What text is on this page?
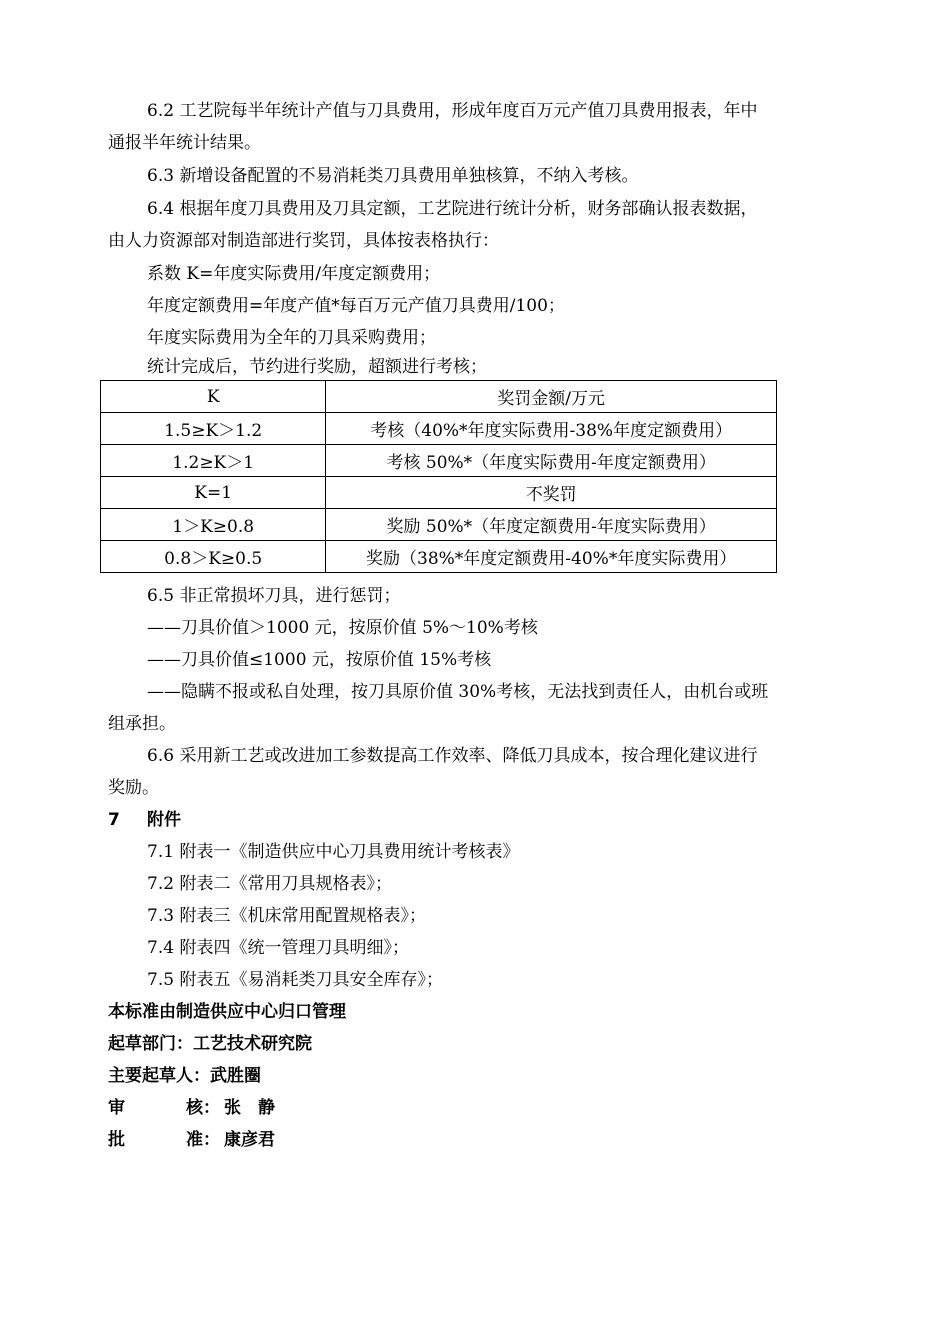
6.2 工艺院每半年统计产值与刀具费用，形成年度百万元产值刀具费用报表，年中
通报半年统计结果。
6.3 新增设备配置的不易消耗类刀具费用单独核算，不纳入考核。
6.4 根据年度刀具费用及刀具定额，工艺院进行统计分析，财务部确认报表数据，
由人力资源部对制造部进行奖罚，具体按表格执行：
系数 K=年度实际费用/年度定额费用；
年度定额费用=年度产值*每百万元产值刀具费用/100；
年度实际费用为全年的刀具采购费用；
统计完成后，节约进行奖励，超额进行考核；
K	奖罚金额/万元
1.5≥K＞1.2	考核（40%*年度实际费用-38%年度定额费用）
1.2≥K＞1	考核 50%*（年度实际费用-年度定额费用）
K=1	不奖罚
1＞K≥0.8	奖励 50%*（年度定额费用-年度实际费用）
0.8＞K≥0.5	奖励（38%*年度定额费用-40%*年度实际费用）
6.5 非正常损坏刀具，进行惩罚；
——刀具价值＞1000 元，按原价值 5%～10%考核
——刀具价值≤1000 元，按原价值 15%考核
——隐瞒不报或私自处理，按刀具原价值 30%考核，无法找到责任人，由机台或班
组承担。
6.6 采用新工艺或改进加工参数提高工作效率、降低刀具成本，按合理化建议进行
奖励。
7 附件
7.1 附表一《制造供应中心刀具费用统计考核表》
7.2 附表二《常用刀具规格表》；
7.3 附表三《机床常用配置规格表》；
7.4 附表四《统一管理刀具明细》；
7.5 附表五《易消耗类刀具安全库存》；
本标准由制造供应中心归口管理
起草部门：工艺技术研究院
主要起草人：武胜圈
审	核： 张　静
批	准： 康彦君
